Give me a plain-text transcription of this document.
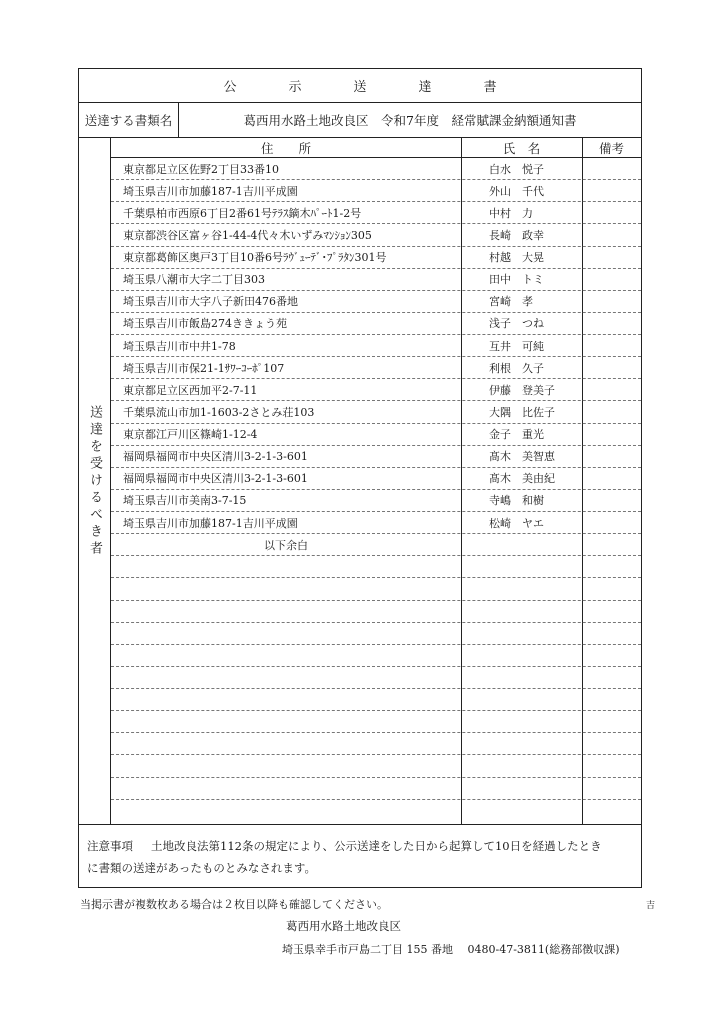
公	示	送	達	書
送達する書類名	葛西用水路土地改良区　令和7年度　経常賦課金納額通知書
送達を受けるべき者
住　　所	氏　名	備考
東京都足立区佐野2丁目33番10	白水　悦子
埼玉県吉川市加藤187-1吉川平成園	外山　千代
千葉県柏市西原6丁目2番61号ﾃﾗｽ鏑木ﾊﾟｰﾄ1-2号	中村　力
東京都渋谷区富ヶ谷1-44-4代々木いずみﾏﾝｼｮﾝ305	長崎　政幸
東京都葛飾区奥戸3丁目10番6号ﾗｳﾞｭｰﾃﾞ･ﾌﾟﾗﾀﾝ301号	村越　大晃
埼玉県八潮市大字二丁目303	田中　トミ
埼玉県吉川市大字八子新田476番地	宮崎　孝
埼玉県吉川市飯島274ききょう苑	浅子　つね
埼玉県吉川市中井1-78	互井　可純
埼玉県吉川市保21-1ｻﾜｰｺｰﾎﾟ107	利根　久子
東京都足立区西加平2-7-11	伊藤　登美子
千葉県流山市加1-1603-2さとみ荘103	大隅　比佐子
東京都江戸川区篠崎1-12-4	金子　重光
福岡県福岡市中央区清川3-2-1-3-601	髙木　美智恵
福岡県福岡市中央区清川3-2-1-3-601	髙木　美由紀
埼玉県吉川市美南3-7-15	寺嶋　和樹
埼玉県吉川市加藤187-1吉川平成園	松崎　ヤエ
以下余白
注意事項 土地改良法第112条の規定により、公示送達をした日から起算して10日を経過したとき
に書類の送達があったものとみなされます。
当掲示書が複数枚ある場合は２枚目以降も確認してください。	吉
葛西用水路土地改良区
埼玉県幸手市戸島二丁目 155 番地　 0480-47-3811(総務部徴収課)
